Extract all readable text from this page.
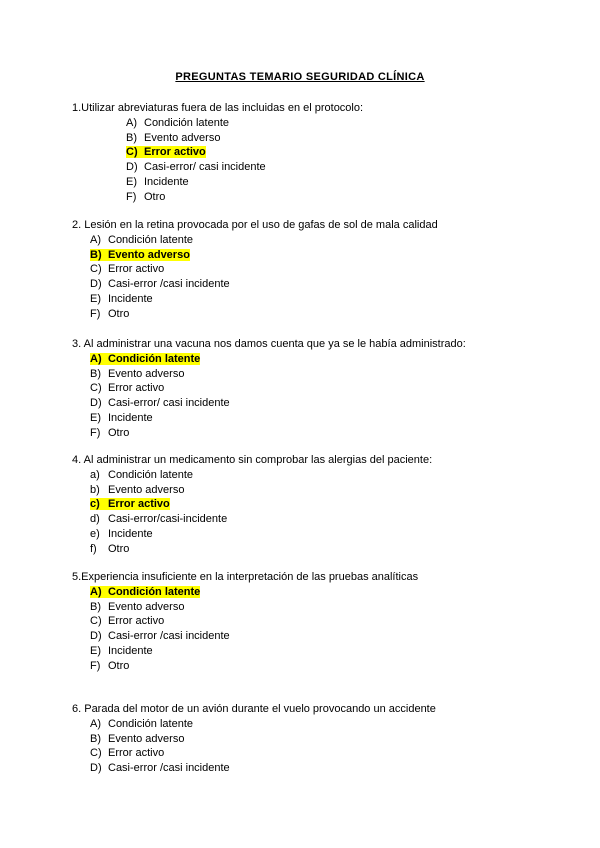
PREGUNTAS TEMARIO SEGURIDAD CLÍNICA
1.Utilizar abreviaturas fuera de las incluidas en el protocolo:
A) Condición latente
B) Evento adverso
C) Error activo
D) Casi-error/ casi incidente
E) Incidente
F) Otro
2. Lesión en la retina provocada por el uso de gafas de sol de mala calidad
A) Condición latente
B) Evento adverso
C) Error activo
D) Casi-error /casi incidente
E) Incidente
F) Otro
3. Al administrar una vacuna nos damos cuenta que ya se le había administrado:
A) Condición latente
B) Evento adverso
C) Error activo
D) Casi-error/ casi incidente
E) Incidente
F) Otro
4. Al administrar un medicamento sin comprobar las alergias del paciente:
a) Condición latente
b) Evento adverso
c) Error activo
d) Casi-error/casi-incidente
e) Incidente
f) Otro
5.Experiencia insuficiente en la interpretación de las pruebas analíticas
A) Condición latente
B) Evento adverso
C) Error activo
D) Casi-error /casi incidente
E) Incidente
F) Otro
6. Parada del motor de un avión durante el vuelo provocando un accidente
A) Condición latente
B) Evento adverso
C) Error activo
D) Casi-error /casi incidente
